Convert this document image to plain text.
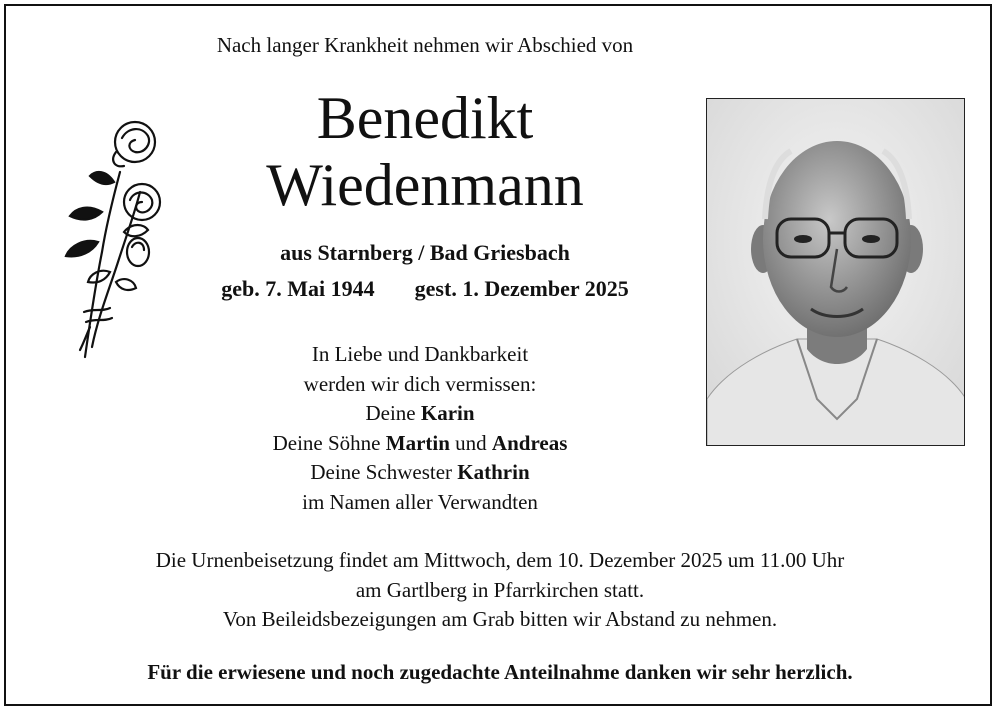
Nach langer Krankheit nehmen wir Abschied von
Benedikt
Wiedenmann
aus Starnberg / Bad Griesbach
geb. 7. Mai 1944 gest. 1. Dezember 2025
In Liebe und Dankbarkeit
werden wir dich vermissen:
Deine Karin
Deine Söhne Martin und Andreas
Deine Schwester Kathrin
im Namen aller Verwandten
Die Urnenbeisetzung findet am Mittwoch, dem 10. Dezember 2025 um 11.00 Uhr
am Gartlberg in Pfarrkirchen statt.
Von Beileidsbezeigungen am Grab bitten wir Abstand zu nehmen.
Für die erwiesene und noch zugedachte Anteilnahme danken wir sehr herzlich.
